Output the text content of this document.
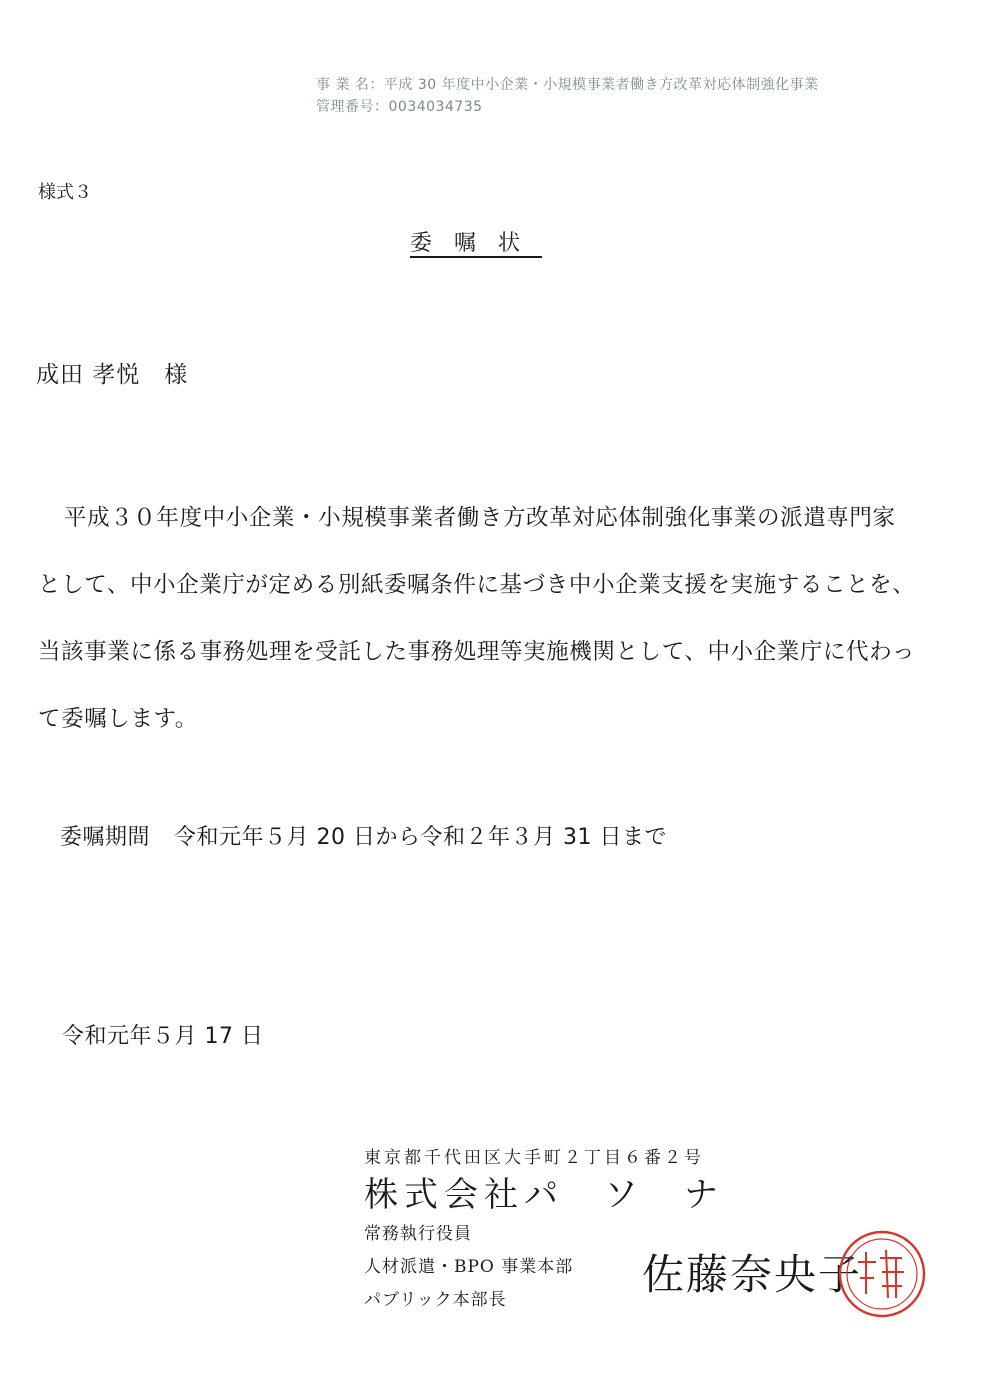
事 業 名：平成 30 年度中小企業・小規模事業者働き方改革対応体制強化事業
管理番号：0034034735
様式３
委嘱状
成田 孝悦　様
平成３０年度中小企業・小規模事業者働き方改革対応体制強化事業の派遣専門家として、中小企業庁が定める別紙委嘱条件に基づき中小企業支援を実施することを、当該事業に係る事務処理を受託した事務処理等実施機関として、中小企業庁に代わって委嘱します。
委嘱期間 令和元年５月 20 日から令和２年３月 31 日まで
令和元年５月 17 日
東京都千代田区大手町２丁目６番２号
株式会社パ　ソ　ナ
常務執行役員
人材派遣・BPO 事業本部
パブリック本部長
佐藤奈央子
